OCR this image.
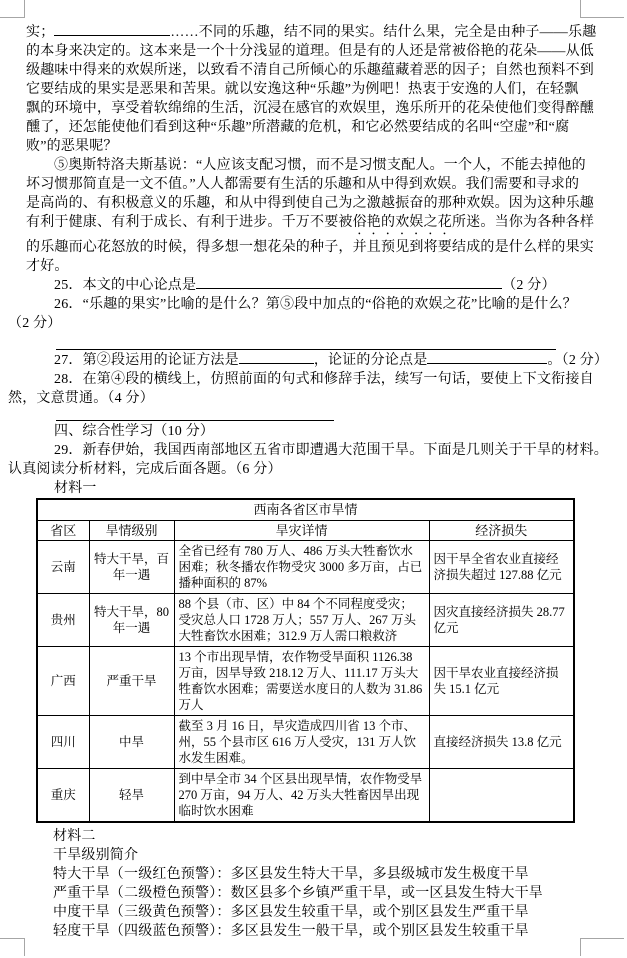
实；	……不同的乐趣，结不同的果实。结什么果，完全是由种子——乐趣
的本身来决定的。这本来是一个十分浅显的道理。但是有的人还是常被俗艳的花朵——从低
级趣味中得来的欢娱所迷，以致看不清自己所倾心的乐趣蕴藏着恶的因子；自然也预料不到
它要结成的果实是恶果和苦果。就以安逸这种“乐趣”为例吧！热衷于安逸的人们，在轻飘
飘的环境中，享受着软绵绵的生活，沉浸在感官的欢娱里，逸乐所开的花朵使他们变得醉醺
醺了，还怎能使他们看到这种“乐趣”所潜藏的危机，和它必然要结成的名叫“空虚”和“腐
败”的恶果呢？
⑤奥斯特洛夫斯基说：“人应该支配习惯，而不是习惯支配人。一个人，不能去掉他的
坏习惯那简直是一文不值。”人人都需要有生活的乐趣和从中得到欢娱。我们需要和寻求的
是高尚的、有积极意义的乐趣，和从中得到使自己为之激越振奋的那种欢娱。因为这种乐趣
有利于健康、有利于成长、有利于进步。千万不要被俗艳的欢娱之花所迷。当你为各种各样
的乐趣而心花怒放的时候，得多想一想花朵的种子，并且预见到将要结成的是什么样的果实
才好。
25．本文的中心论点是	（2 分）
26．“乐趣的果实”比喻的是什么？第⑤段中加点的“俗艳的欢娱之花”比喻的是什么？
（2 分）
27．第②段运用的论证方法是	，论证的分论点是	。（2 分）
28．在第④段的横线上，仿照前面的句式和修辞手法，续写一句话，要使上下文衔接自
然，文意贯通。（4 分）
四、综合性学习（10 分）
29．新春伊始，我国西南部地区五省市即遭遇大范围干旱。下面是几则关于干旱的材料。
认真阅读分析材料，完成后面各题。（6 分）
材料一
西南各省区市旱情			
省区	旱情级别	旱灾详情	经济损失
云南	特大干旱，百年一遇	全省已经有 780 万人、486 万头大牲畜饮水困难；秋冬播农作物受灾 3000 多万亩，占已播种面积的 87%	因干旱全省农业直接经济损失超过 127.88 亿元
贵州	特大干旱，80 年一遇	88 个县（市、区）中 84 个不同程度受灾；受灾总人口 1728 万人；557 万人、267 万头大牲畜饮水困难；312.9 万人需口粮救济	因灾直接经济损失 28.77 亿元
广西	严重干旱	13 个市出现旱情，农作物受旱面积 1126.38 万亩，因旱导致 218.12 万人、111.17 万头大牲畜饮水困难；需要送水度日的人数为 31.86 万人	因干旱农业直接经济损失 15.1 亿元
四川	中旱	截至 3 月 16 日，旱灾造成四川省 13 个市、州，55 个县市区 616 万人受灾，131 万人饮水发生困难。	直接经济损失 13.8 亿元
重庆	轻旱	到中旱全市 34 个区县出现旱情，农作物受旱 270 万亩，94 万人、42 万头大牲畜因旱出现临时饮水困难	
材料二
干旱级别简介
特大干旱（一级红色预警）：多区县发生特大干旱，多县级城市发生极度干旱
严重干旱（二级橙色预警）：数区县多个乡镇严重干旱，或一区县发生特大干旱
中度干旱（三级黄色预警）：多区县发生较重干旱，或个别区县发生严重干旱
轻度干旱（四级蓝色预警）：多区县发生一般干旱，或个别区县发生较重干旱
